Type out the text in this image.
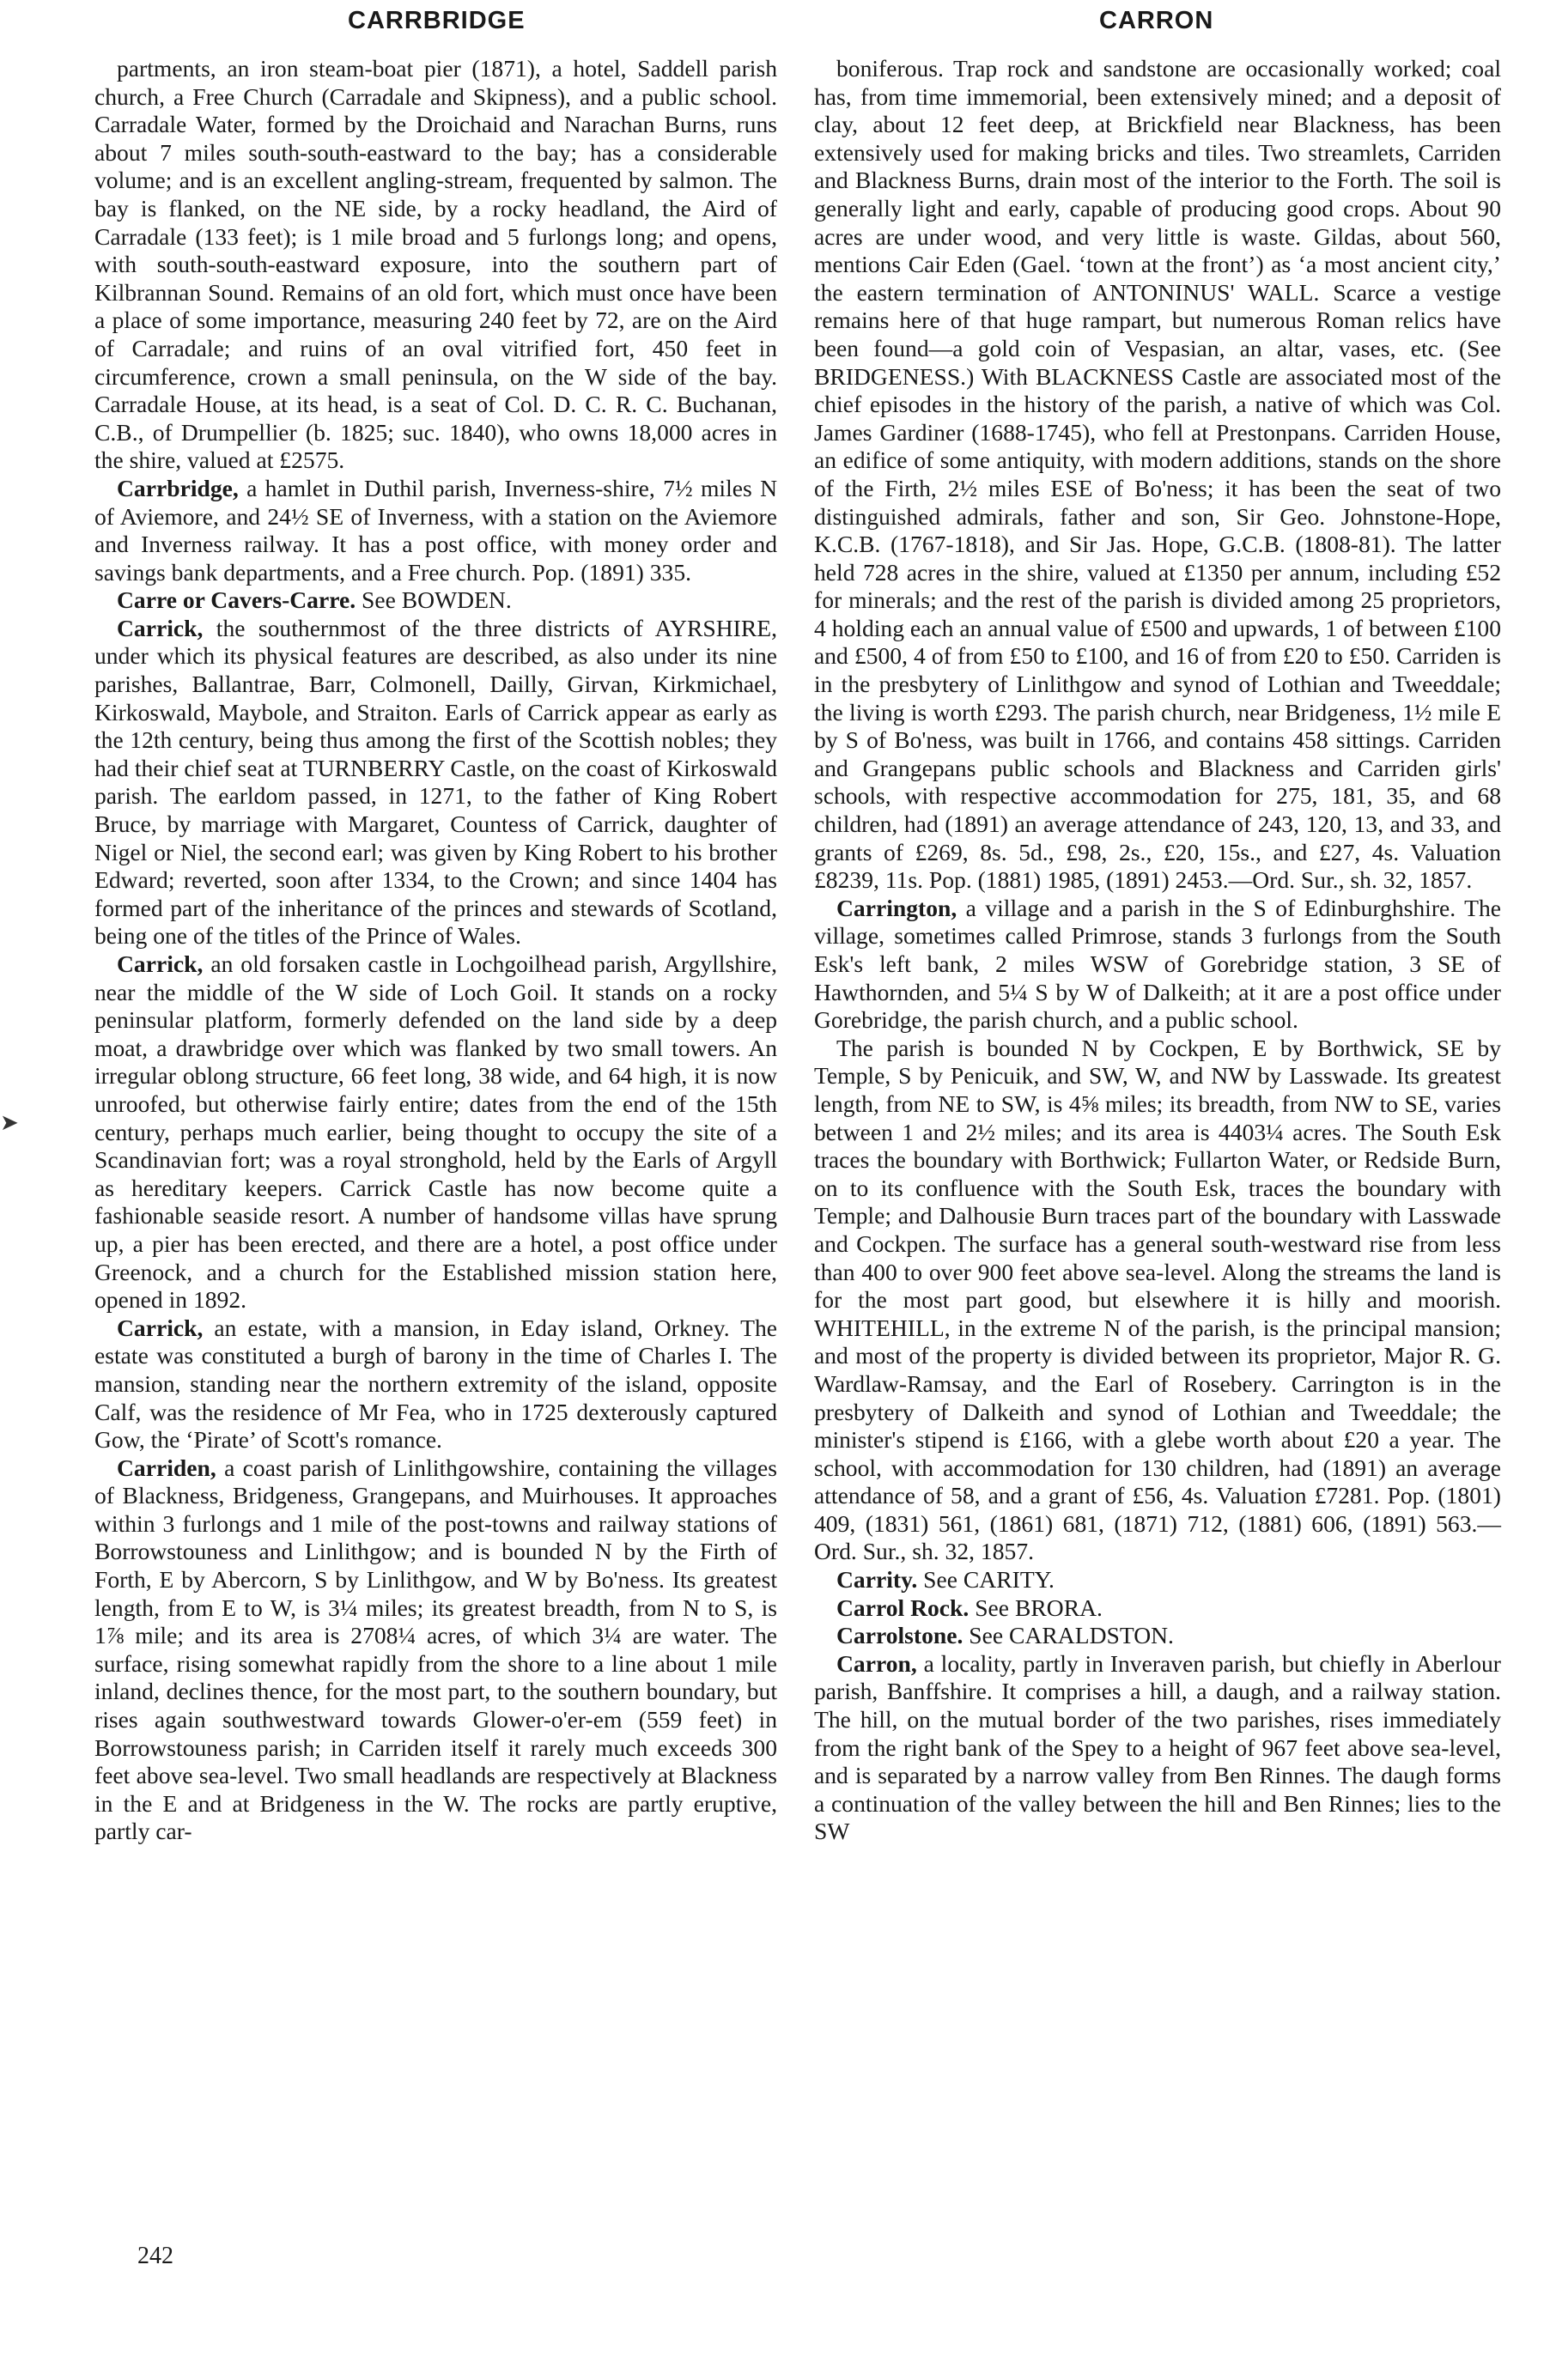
CARRBRIDGE	CARRON
➤

partments, an iron steam-boat pier (1871), a hotel, Saddell parish church, a Free Church (Carradale and Skipness), and a public school. Carradale Water, formed by the Droichaid and Narachan Burns, runs about 7 miles south-south-eastward to the bay; has a considerable volume; and is an excellent angling-stream, frequented by salmon. The bay is flanked, on the NE side, by a rocky headland, the Aird of Carradale (133 feet); is 1 mile broad and 5 furlongs long; and opens, with south-south-eastward exposure, into the southern part of Kilbrannan Sound. Remains of an old fort, which must once have been a place of some importance, measuring 240 feet by 72, are on the Aird of Carradale; and ruins of an oval vitrified fort, 450 feet in circumference, crown a small peninsula, on the W side of the bay. Carradale House, at its head, is a seat of Col. D. C. R. C. Buchanan, C.B., of Drumpellier (b. 1825; suc. 1840), who owns 18,000 acres in the shire, valued at £2575.

Carrbridge, a hamlet in Duthil parish, Inverness-shire, 7½ miles N of Aviemore, and 24½ SE of Inverness, with a station on the Aviemore and Inverness railway. It has a post office, with money order and savings bank departments, and a Free church. Pop. (1891) 335.

Carre or Cavers-Carre. See BOWDEN.

Carrick, the southernmost of the three districts of AYRSHIRE, under which its physical features are described, as also under its nine parishes, Ballantrae, Barr, Colmonell, Dailly, Girvan, Kirkmichael, Kirkoswald, Maybole, and Straiton. Earls of Carrick appear as early as the 12th century, being thus among the first of the Scottish nobles; they had their chief seat at TURNBERRY Castle, on the coast of Kirkoswald parish. The earldom passed, in 1271, to the father of King Robert Bruce, by marriage with Margaret, Countess of Carrick, daughter of Nigel or Niel, the second earl; was given by King Robert to his brother Edward; reverted, soon after 1334, to the Crown; and since 1404 has formed part of the inheritance of the princes and stewards of Scotland, being one of the titles of the Prince of Wales.

Carrick, an old forsaken castle in Lochgoilhead parish, Argyllshire, near the middle of the W side of Loch Goil. It stands on a rocky peninsular platform, formerly defended on the land side by a deep moat, a drawbridge over which was flanked by two small towers. An irregular oblong structure, 66 feet long, 38 wide, and 64 high, it is now unroofed, but otherwise fairly entire; dates from the end of the 15th century, perhaps much earlier, being thought to occupy the site of a Scandinavian fort; was a royal stronghold, held by the Earls of Argyll as hereditary keepers. Carrick Castle has now become quite a fashionable seaside resort. A number of handsome villas have sprung up, a pier has been erected, and there are a hotel, a post office under Greenock, and a church for the Established mission station here, opened in 1892.

Carrick, an estate, with a mansion, in Eday island, Orkney. The estate was constituted a burgh of barony in the time of Charles I. The mansion, standing near the northern extremity of the island, opposite Calf, was the residence of Mr Fea, who in 1725 dexterously captured Gow, the ‘Pirate’ of Scott's romance.

Carriden, a coast parish of Linlithgowshire, containing the villages of Blackness, Bridgeness, Grangepans, and Muirhouses. It approaches within 3 furlongs and 1 mile of the post-towns and railway stations of Borrowstouness and Linlithgow; and is bounded N by the Firth of Forth, E by Abercorn, S by Linlithgow, and W by Bo'ness. Its greatest length, from E to W, is 3¼ miles; its greatest breadth, from N to S, is 1⅞ mile; and its area is 2708¼ acres, of which 3¼ are water. The surface, rising somewhat rapidly from the shore to a line about 1 mile inland, declines thence, for the most part, to the southern boundary, but rises again southwestward towards Glower-o'er-em (559 feet) in Borrowstouness parish; in Carriden itself it rarely much exceeds 300 feet above sea-level. Two small headlands are respectively at Blackness in the E and at Bridgeness in the W. The rocks are partly eruptive, partly car-

boniferous. Trap rock and sandstone are occasionally worked; coal has, from time immemorial, been extensively mined; and a deposit of clay, about 12 feet deep, at Brickfield near Blackness, has been extensively used for making bricks and tiles. Two streamlets, Carriden and Blackness Burns, drain most of the interior to the Forth. The soil is generally light and early, capable of producing good crops. About 90 acres are under wood, and very little is waste. Gildas, about 560, mentions Cair Eden (Gael. ‘town at the front’) as ‘a most ancient city,’ the eastern termination of ANTONINUS' WALL. Scarce a vestige remains here of that huge rampart, but numerous Roman relics have been found—a gold coin of Vespasian, an altar, vases, etc. (See BRIDGENESS.) With BLACKNESS Castle are associated most of the chief episodes in the history of the parish, a native of which was Col. James Gardiner (1688-1745), who fell at Prestonpans. Carriden House, an edifice of some antiquity, with modern additions, stands on the shore of the Firth, 2½ miles ESE of Bo'ness; it has been the seat of two distinguished admirals, father and son, Sir Geo. Johnstone-Hope, K.C.B. (1767-1818), and Sir Jas. Hope, G.C.B. (1808-81). The latter held 728 acres in the shire, valued at £1350 per annum, including £52 for minerals; and the rest of the parish is divided among 25 proprietors, 4 holding each an annual value of £500 and upwards, 1 of between £100 and £500, 4 of from £50 to £100, and 16 of from £20 to £50. Carriden is in the presbytery of Linlithgow and synod of Lothian and Tweeddale; the living is worth £293. The parish church, near Bridgeness, 1½ mile E by S of Bo'ness, was built in 1766, and contains 458 sittings. Carriden and Grangepans public schools and Blackness and Carriden girls' schools, with respective accommodation for 275, 181, 35, and 68 children, had (1891) an average attendance of 243, 120, 13, and 33, and grants of £269, 8s. 5d., £98, 2s., £20, 15s., and £27, 4s. Valuation £8239, 11s. Pop. (1881) 1985, (1891) 2453.—Ord. Sur., sh. 32, 1857.

Carrington, a village and a parish in the S of Edinburghshire. The village, sometimes called Primrose, stands 3 furlongs from the South Esk's left bank, 2 miles WSW of Gorebridge station, 3 SE of Hawthornden, and 5¼ S by W of Dalkeith; at it are a post office under Gorebridge, the parish church, and a public school.

The parish is bounded N by Cockpen, E by Borthwick, SE by Temple, S by Penicuik, and SW, W, and NW by Lasswade. Its greatest length, from NE to SW, is 4⅝ miles; its breadth, from NW to SE, varies between 1 and 2½ miles; and its area is 4403¼ acres. The South Esk traces the boundary with Borthwick; Fullarton Water, or Redside Burn, on to its confluence with the South Esk, traces the boundary with Temple; and Dalhousie Burn traces part of the boundary with Lasswade and Cockpen. The surface has a general south-westward rise from less than 400 to over 900 feet above sea-level. Along the streams the land is for the most part good, but elsewhere it is hilly and moorish. WHITEHILL, in the extreme N of the parish, is the principal mansion; and most of the property is divided between its proprietor, Major R. G. Wardlaw-Ramsay, and the Earl of Rosebery. Carrington is in the presbytery of Dalkeith and synod of Lothian and Tweeddale; the minister's stipend is £166, with a glebe worth about £20 a year. The school, with accommodation for 130 children, had (1891) an average attendance of 58, and a grant of £56, 4s. Valuation £7281. Pop. (1801) 409, (1831) 561, (1861) 681, (1871) 712, (1881) 606, (1891) 563.—Ord. Sur., sh. 32, 1857.

Carrity. See CARITY.

Carrol Rock. See BRORA.

Carrolstone. See CARALDSTON.

Carron, a locality, partly in Inveraven parish, but chiefly in Aberlour parish, Banffshire. It comprises a hill, a daugh, and a railway station. The hill, on the mutual border of the two parishes, rises immediately from the right bank of the Spey to a height of 967 feet above sea-level, and is separated by a narrow valley from Ben Rinnes. The daugh forms a continuation of the valley between the hill and Ben Rinnes; lies to the SW

242
